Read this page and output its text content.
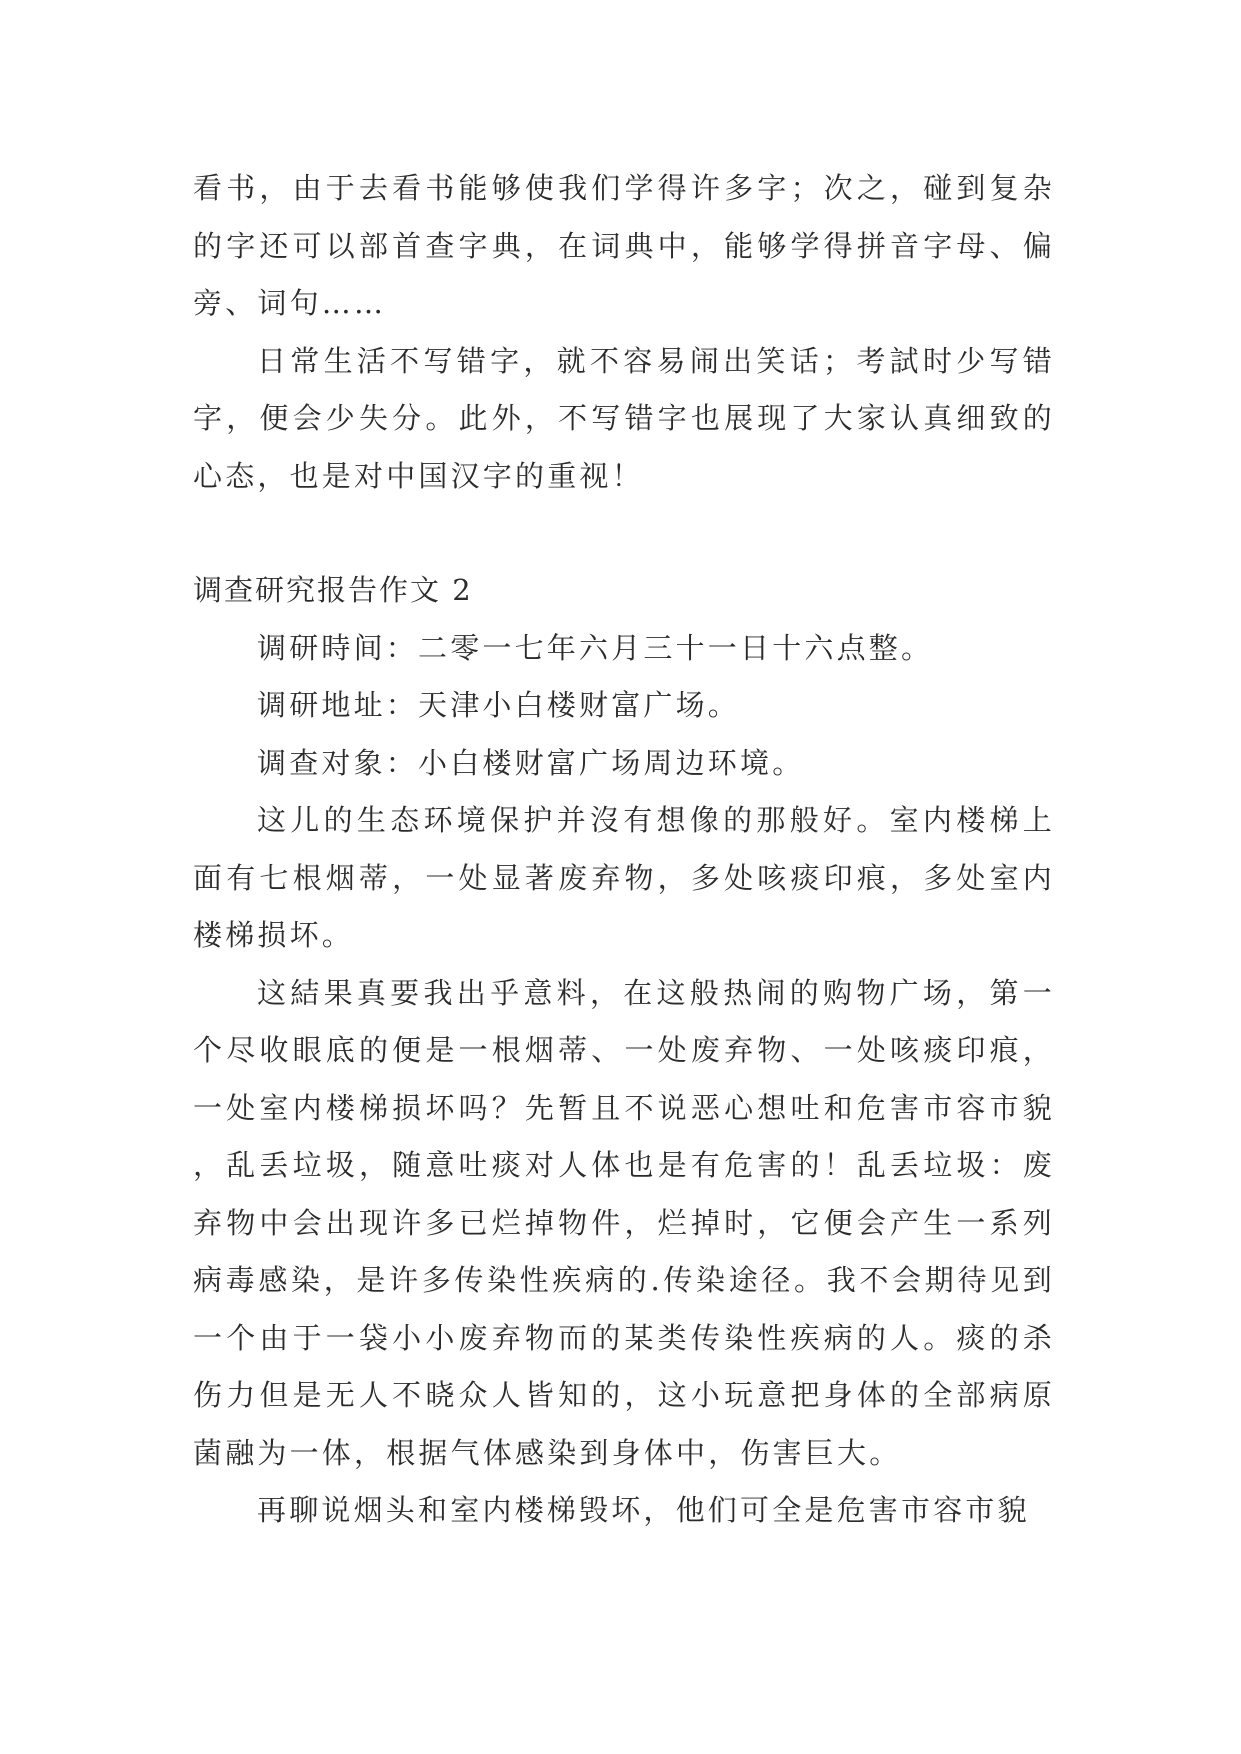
看书，由于去看书能够使我们学得许多字；次之，碰到复杂的字还可以部首查字典，在词典中，能够学得拼音字母、偏旁、词句……

日常生活不写错字，就不容易闹出笑话；考試时少写错字，便会少失分。此外，不写错字也展现了大家认真细致的心态，也是对中国汉字的重视！

调查研究报告作文 2

调研時间：二零一七年六月三十一日十六点整。

调研地址：天津小白楼财富广场。

调查对象：小白楼财富广场周边环境。

这儿的生态环境保护并沒有想像的那般好。室内楼梯上面有七根烟蒂，一处显著废弃物，多处咳痰印痕，多处室内楼梯损坏。

这結果真要我出乎意料，在这般热闹的购物广场，第一个尽收眼底的便是一根烟蒂、一处废弃物、一处咳痰印痕，一处室内楼梯损坏吗？先暂且不说恶心想吐和危害市容市貌，乱丢垃圾，随意吐痰对人体也是有危害的！乱丢垃圾：废弃物中会出现许多已烂掉物件，烂掉时，它便会产生一系列病毒感染，是许多传染性疾病的.传染途径。我不会期待见到一个由于一袋小小废弃物而的某类传染性疾病的人。痰的杀伤力但是无人不晓众人皆知的，这小玩意把身体的全部病原菌融为一体，根据气体感染到身体中，伤害巨大。

再聊说烟头和室内楼梯毁坏，他们可全是危害市容市貌
